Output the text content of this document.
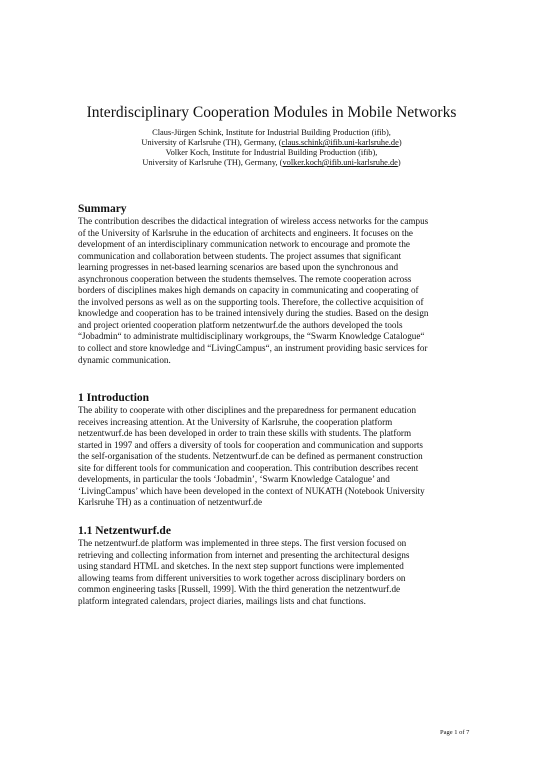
Interdisciplinary Cooperation Modules in Mobile Networks
Claus-Jürgen Schink, Institute for Industrial Building Production (ifib),
University of Karlsruhe (TH), Germany, (claus.schink@ifib.uni-karlsruhe.de)
Volker Koch, Institute for Industrial Building Production (ifib),
University of Karlsruhe (TH), Germany, (volker.koch@ifib.uni-karlsruhe.de)
Summary
The contribution describes the didactical integration of wireless access networks for the campus
of the University of Karlsruhe in the education of architects and engineers. It focuses on the
development of an interdisciplinary communication network to encourage and promote the
communication and collaboration between students. The project assumes that significant
learning progresses in net-based learning scenarios are based upon the synchronous and
asynchronous cooperation between the students themselves. The remote cooperation across
borders of disciplines makes high demands on capacity in communicating and cooperating of
the involved persons as well as on the supporting tools. Therefore, the collective acquisition of
knowledge and cooperation has to be trained intensively during the studies. Based on the design
and project oriented cooperation platform netzentwurf.de the authors developed the tools
“Jobadmin“ to administrate multidisciplinary workgroups, the “Swarm Knowledge Catalogue“
to collect and store knowledge and “LivingCampus“, an instrument providing basic services for
dynamic communication.
1 Introduction
The ability to cooperate with other disciplines and the preparedness for permanent education
receives increasing attention. At the University of Karlsruhe, the cooperation platform
netzentwurf.de has been developed in order to train these skills with students. The platform
started in 1997 and offers a diversity of tools for cooperation and communication and supports
the self-organisation of the students. Netzentwurf.de can be defined as permanent construction
site for different tools for communication and cooperation. This contribution describes recent
developments, in particular the tools ‘Jobadmin’, ‘Swarm Knowledge Catalogue’ and
‘LivingCampus’ which have been developed in the context of NUKATH (Notebook University
Karlsruhe TH) as a continuation of netzentwurf.de
1.1 Netzentwurf.de
The netzentwurf.de platform was implemented in three steps. The first version focused on
retrieving and collecting information from internet and presenting the architectural designs
using standard HTML and sketches. In the next step support functions were implemented
allowing teams from different universities to work together across disciplinary borders on
common engineering tasks [Russell, 1999]. With the third generation the netzentwurf.de
platform integrated calendars, project diaries, mailings lists and chat functions.
Page 1 of 7
